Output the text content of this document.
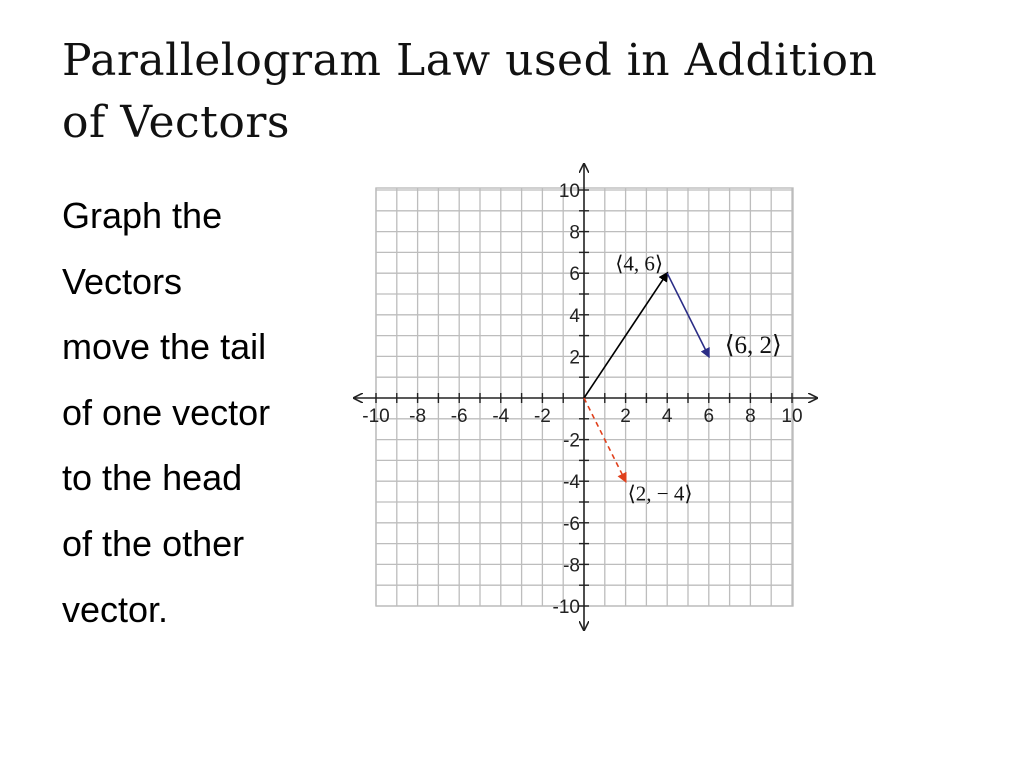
Parallelogram Law used in Addition
of Vectors
Graph the
Vectors
move the tail
of one vector
to the head
of the other
vector.
-10 -8 -6 -4 -2	2 4 6 8 10
10
8
6
4
2
-2
-4
-6
-8
-10
⟨4, 6⟩
⟨6, 2⟩
⟨2, − 4⟩
